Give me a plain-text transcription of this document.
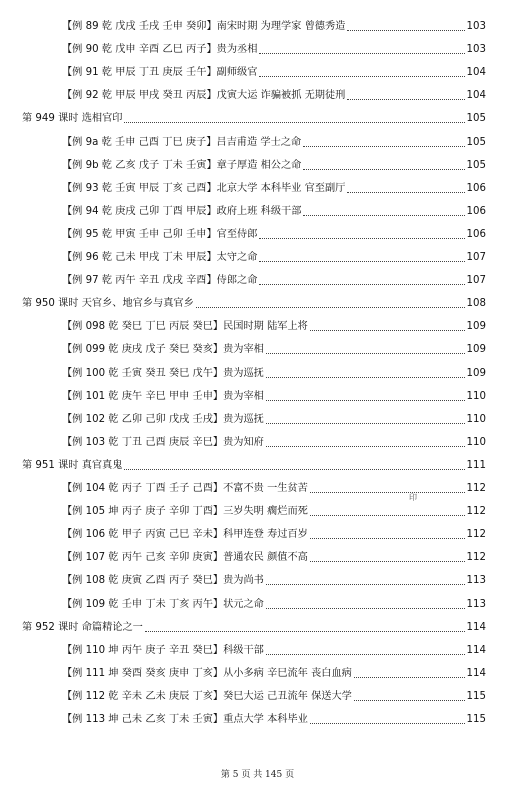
【例 89 乾 戊戌 壬戌 壬申 癸卯】南宋时期 为理学家 曾德秀造	103
【例 90 乾 戊申 辛酉 乙巳 丙子】贵为丞相	103
【例 91 乾 甲辰 丁丑 庚辰 壬午】副师级官	104
【例 92 乾 甲辰 甲戌 癸丑 丙辰】戊寅大运 诈骗被抓 无期徒刑	104
第 949 课时 选相官印	105
【例 9a 乾 壬申 己酉 丁巳 庚子】吕吉甫造 学士之命	105
【例 9b 乾 乙亥 戊子 丁未 壬寅】章子厚造 相公之命	105
【例 93 乾 壬寅 甲辰 丁亥 己酉】北京大学 本科毕业 官至副厅	106
【例 94 乾 庚戌 己卯 丁酉 甲辰】政府上班 科级干部	106
【例 95 乾 甲寅 壬申 己卯 壬申】官至侍郎	106
【例 96 乾 己未 甲戌 丁未 甲辰】太守之命	107
【例 97 乾 丙午 辛丑 戊戌 辛酉】侍郎之命	107
第 950 课时 天官乡、地官乡与真官乡	108
【例 098 乾 癸巳 丁巳 丙辰 癸巳】民国时期 陆军上将	109
【例 099 乾 庚戌 戊子 癸巳 癸亥】贵为宰相	109
【例 100 乾 壬寅 癸丑 癸巳 戊午】贵为巡抚	109
【例 101 乾 庚午 辛巳 甲申 壬申】贵为宰相	110
【例 102 乾 乙卯 己卯 戊戌 壬戌】贵为巡抚	110
【例 103 乾 丁丑 己酉 庚辰 辛巳】贵为知府	110
第 951 课时 真官真鬼	111
【例 104 乾 丙子 丁酉 壬子 己酉】不富不贵 一生贫苦	112
【例 105 坤 丙子 庚子 辛卯 丁酉】三岁失明 瘸烂而死	112
【例 106 乾 甲子 丙寅 己巳 辛未】科甲连登 寿过百岁	112
【例 107 乾 丙午 己亥 辛卯 庚寅】普通农民 颜值不高	112
【例 108 乾 庚寅 乙酉 丙子 癸巳】贵为尚书	113
【例 109 乾 壬申 丁未 丁亥 丙午】状元之命	113
第 952 课时 命篇精论之一	114
【例 110 坤 丙午 庚子 辛丑 癸巳】科级干部	114
【例 111 坤 癸酉 癸亥 庚申 丁亥】从小多病 辛巳流年 丧白血病	114
【例 112 乾 辛未 乙未 庚辰 丁亥】癸巳大运 己丑流年 保送大学	115
【例 113 坤 己未 乙亥 丁未 壬寅】重点大学 本科毕业	115
印
第 5 页 共 145 页
